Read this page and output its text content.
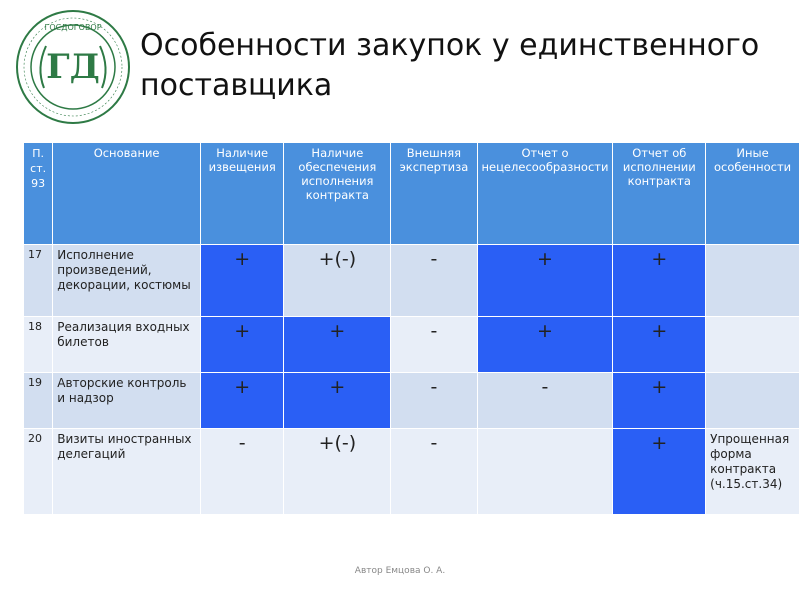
ГД
ГОСДОГОВОР
Особенности закупок у единственного поставщика
П. ст. 93	Основание	Наличие извещения	Наличие обеспечения исполнения контракта	Внешняя экспертиза	Отчет о нецелесообразности	Отчет об исполнении контракта	Иные особенности
17	Исполнение произведений, декорации, костюмы	+	+(-)	-	+	+	
18	Реализация входных билетов	+	+	-	+	+	
19	Авторские контроль и надзор	+	+	-	-	+	
20	Визиты иностранных делегаций	-	+(-)	-		+	Упрощенная форма контракта (ч.15.ст.34)
Автор Емцова О. А.
